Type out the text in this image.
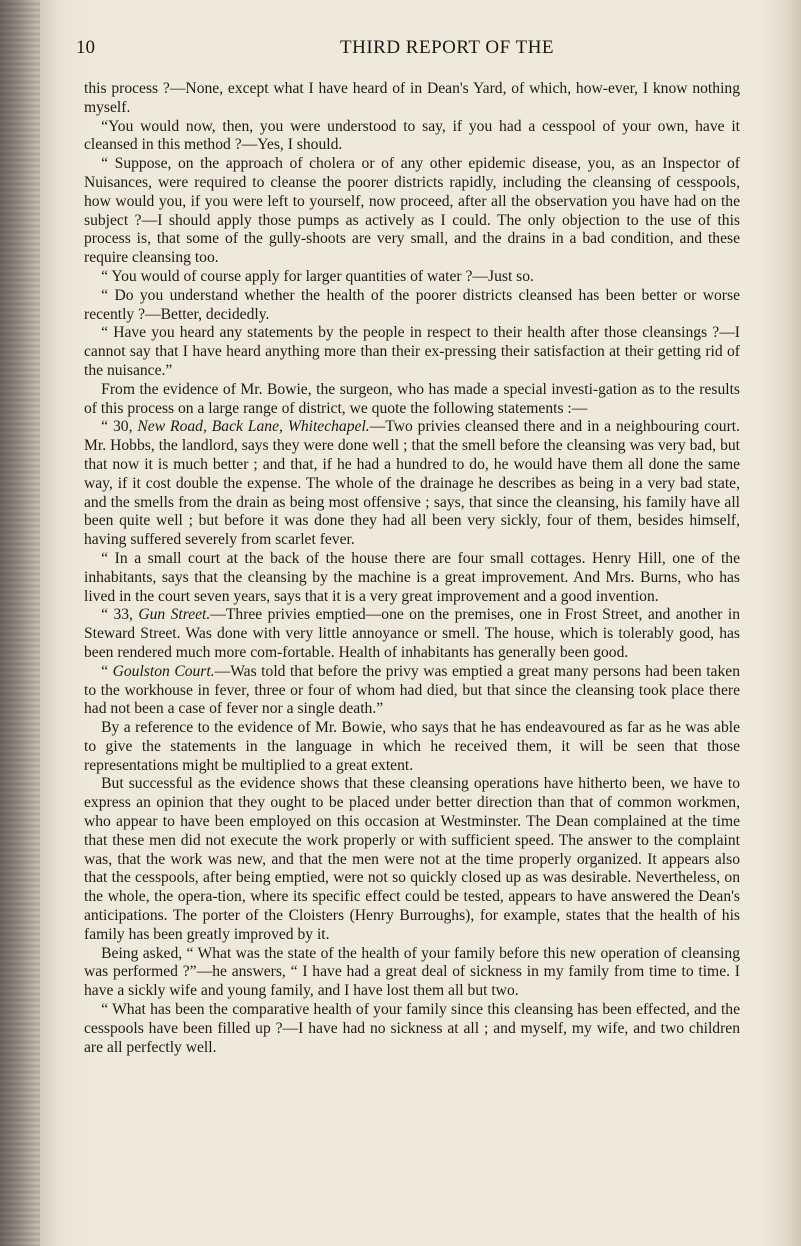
10	THIRD REPORT OF THE

this process ?—None, except what I have heard of in Dean's Yard, of which, how-ever, I know nothing myself.

“You would now, then, you were understood to say, if you had a cesspool of your own, have it cleansed in this method ?—Yes, I should.

“ Suppose, on the approach of cholera or of any other epidemic disease, you, as an Inspector of Nuisances, were required to cleanse the poorer districts rapidly, including the cleansing of cesspools, how would you, if you were left to yourself, now proceed, after all the observation you have had on the subject ?—I should apply those pumps as actively as I could. The only objection to the use of this process is, that some of the gully-shoots are very small, and the drains in a bad condition, and these require cleansing too.

“ You would of course apply for larger quantities of water ?—Just so.

“ Do you understand whether the health of the poorer districts cleansed has been better or worse recently ?—Better, decidedly.

“ Have you heard any statements by the people in respect to their health after those cleansings ?—I cannot say that I have heard anything more than their ex-pressing their satisfaction at their getting rid of the nuisance.”

From the evidence of Mr. Bowie, the surgeon, who has made a special investi-gation as to the results of this process on a large range of district, we quote the following statements :—

“ 30, New Road, Back Lane, Whitechapel.—Two privies cleansed there and in a neighbouring court. Mr. Hobbs, the landlord, says they were done well ; that the smell before the cleansing was very bad, but that now it is much better ; and that, if he had a hundred to do, he would have them all done the same way, if it cost double the expense. The whole of the drainage he describes as being in a very bad state, and the smells from the drain as being most offensive ; says, that since the cleansing, his family have all been quite well ; but before it was done they had all been very sickly, four of them, besides himself, having suffered severely from scarlet fever.

“ In a small court at the back of the house there are four small cottages. Henry Hill, one of the inhabitants, says that the cleansing by the machine is a great improvement. And Mrs. Burns, who has lived in the court seven years, says that it is a very great improvement and a good invention.

“ 33, Gun Street.—Three privies emptied—one on the premises, one in Frost Street, and another in Steward Street. Was done with very little annoyance or smell. The house, which is tolerably good, has been rendered much more com-fortable. Health of inhabitants has generally been good.

“ Goulston Court.—Was told that before the privy was emptied a great many persons had been taken to the workhouse in fever, three or four of whom had died, but that since the cleansing took place there had not been a case of fever nor a single death.”

By a reference to the evidence of Mr. Bowie, who says that he has endeavoured as far as he was able to give the statements in the language in which he received them, it will be seen that those representations might be multiplied to a great extent.

But successful as the evidence shows that these cleansing operations have hitherto been, we have to express an opinion that they ought to be placed under better direction than that of common workmen, who appear to have been employed on this occasion at Westminster. The Dean complained at the time that these men did not execute the work properly or with sufficient speed. The answer to the complaint was, that the work was new, and that the men were not at the time properly organized. It appears also that the cesspools, after being emptied, were not so quickly closed up as was desirable. Nevertheless, on the whole, the opera-tion, where its specific effect could be tested, appears to have answered the Dean's anticipations. The porter of the Cloisters (Henry Burroughs), for example, states that the health of his family has been greatly improved by it.

Being asked, “ What was the state of the health of your family before this new operation of cleansing was performed ?”—he answers, “ I have had a great deal of sickness in my family from time to time. I have a sickly wife and young family, and I have lost them all but two.

“ What has been the comparative health of your family since this cleansing has been effected, and the cesspools have been filled up ?—I have had no sickness at all ; and myself, my wife, and two children are all perfectly well.
